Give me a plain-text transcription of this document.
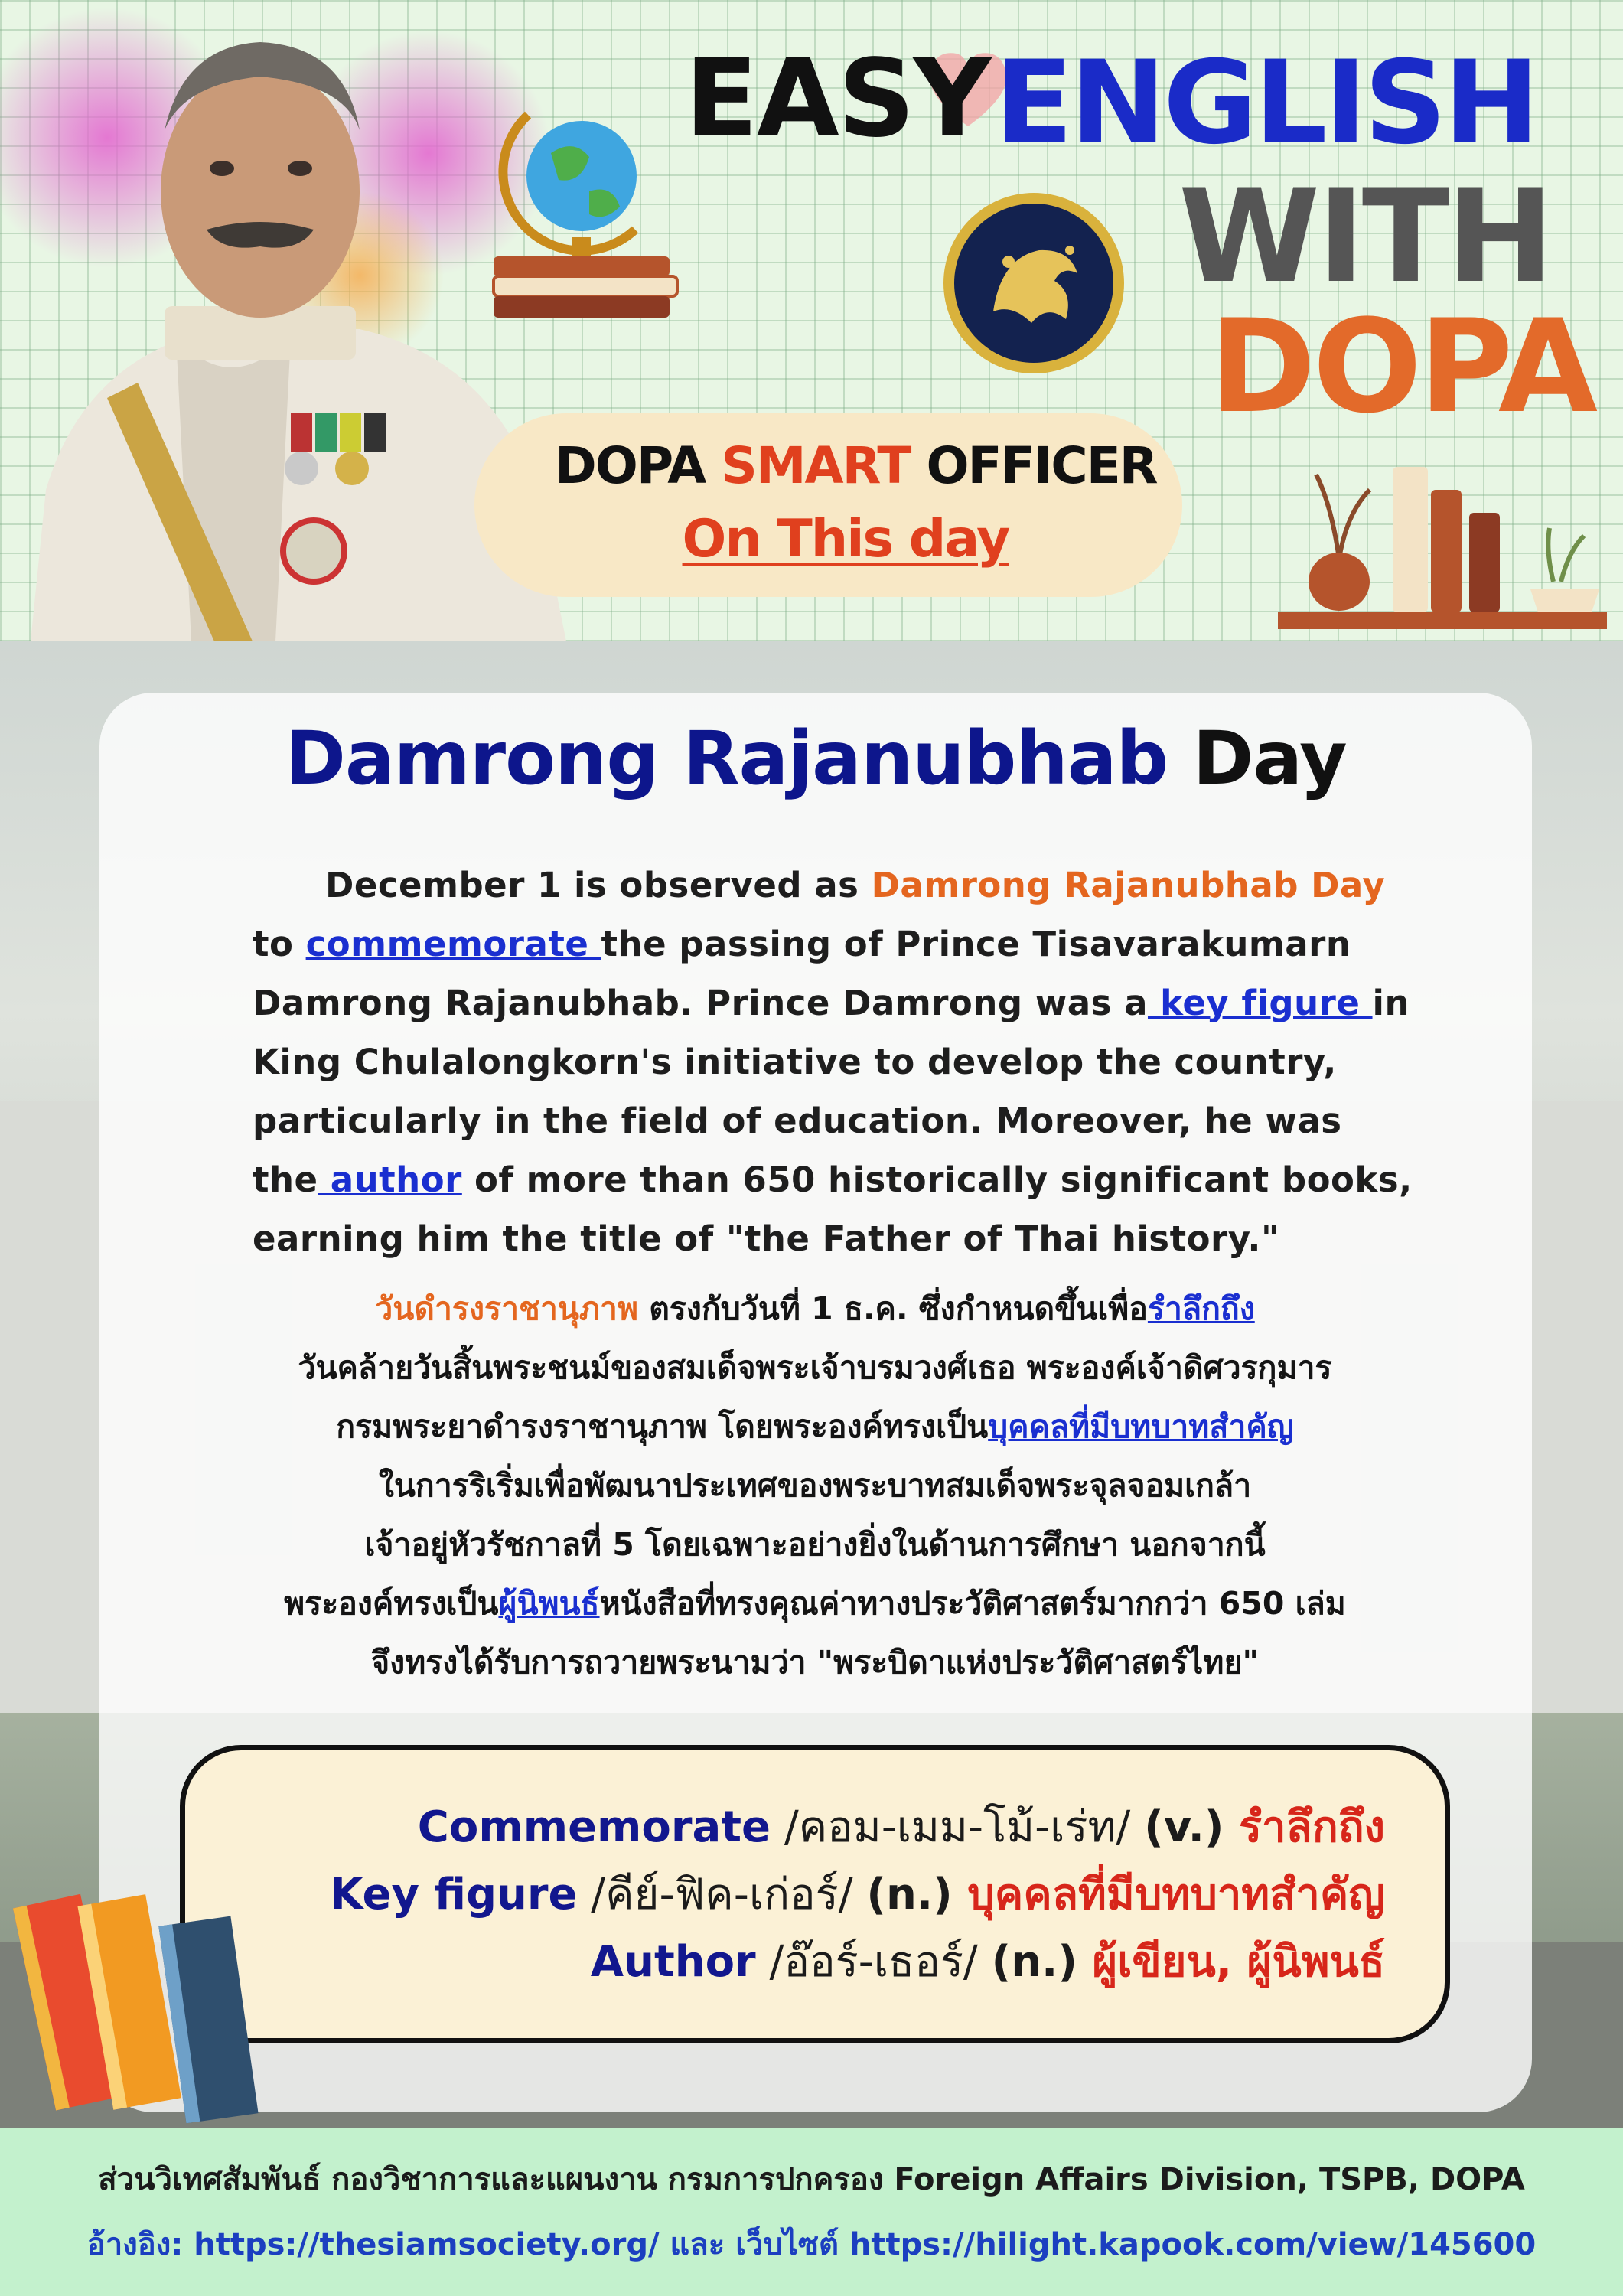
EASY ENGLISH
WITH
DOPA
DOPA SMART OFFICER
On This day
Damrong Rajanubhab Day
December 1 is observed as Damrong Rajanubhab Day to commemorate the passing of Prince Tisavarakumarn Damrong Rajanubhab. Prince Damrong was a key figure in King Chulalongkorn's initiative to develop the country, particularly in the field of education. Moreover, he was the author of more than 650 historically significant books, earning him the title of "the Father of Thai history."
วันดำรงราชานุภาพ ตรงกับวันที่ 1 ธ.ค. ซึ่งกำหนดขึ้นเพื่อรำลึกถึง
วันคล้ายวันสิ้นพระชนม์ของสมเด็จพระเจ้าบรมวงศ์เธอ พระองค์เจ้าดิศวรกุมาร
กรมพระยาดำรงราชานุภาพ โดยพระองค์ทรงเป็นบุคคลที่มีบทบาทสำคัญ
ในการริเริ่มเพื่อพัฒนาประเทศของพระบาทสมเด็จพระจุลจอมเกล้า
เจ้าอยู่หัวรัชกาลที่ 5 โดยเฉพาะอย่างยิ่งในด้านการศึกษา นอกจากนี้
พระองค์ทรงเป็นผู้นิพนธ์หนังสือที่ทรงคุณค่าทางประวัติศาสตร์มากกว่า 650 เล่ม
จึงทรงได้รับการถวายพระนามว่า "พระบิดาแห่งประวัติศาสตร์ไทย"
Commemorate /คอม-เมม-โม้-เร่ท/ (v.) รำลึกถึง
Key figure /คีย์-ฟิค-เก่อร์/ (n.) บุคคลที่มีบทบาทสำคัญ
Author /อ๊อร์-เธอร์/ (n.) ผู้เขียน, ผู้นิพนธ์
ส่วนวิเทศสัมพันธ์ กองวิชาการและแผนงาน กรมการปกครอง Foreign Affairs Division, TSPB, DOPA
อ้างอิง: https://thesiamsociety.org/ และ เว็บไซต์ https://hilight.kapook.com/view/145600
